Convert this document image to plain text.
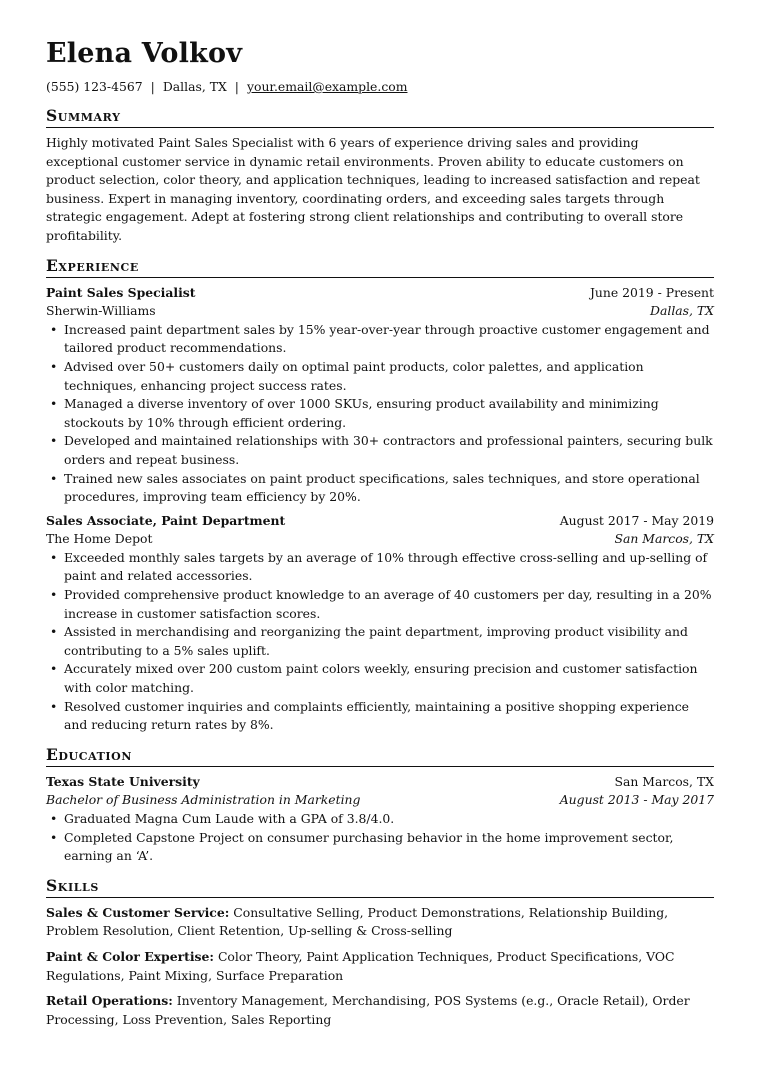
Elena Volkov
(555) 123-4567 | Dallas, TX | your.email@example.com
Summary

Highly motivated Paint Sales Specialist with 6 years of experience driving sales and providing exceptional customer service in dynamic retail environments. Proven ability to educate customers on product selection, color theory, and application techniques, leading to increased satisfaction and repeat business. Expert in managing inventory, coordinating orders, and exceeding sales targets through strategic engagement. Adept at fostering strong client relationships and contributing to overall store profitability.

Experience
Paint Sales Specialist	June 2019 - Present
Sherwin-Williams	Dallas, TX
• Increased paint department sales by 15% year-over-year through proactive customer engagement and tailored product recommendations.
• Advised over 50+ customers daily on optimal paint products, color palettes, and application techniques, enhancing project success rates.
• Managed a diverse inventory of over 1000 SKUs, ensuring product availability and minimizing stockouts by 10% through efficient ordering.
• Developed and maintained relationships with 30+ contractors and professional painters, securing bulk orders and repeat business.
• Trained new sales associates on paint product specifications, sales techniques, and store operational procedures, improving team efficiency by 20%.
Sales Associate, Paint Department	August 2017 - May 2019
The Home Depot	San Marcos, TX
• Exceeded monthly sales targets by an average of 10% through effective cross-selling and up-selling of paint and related accessories.
• Provided comprehensive product knowledge to an average of 40 customers per day, resulting in a 20% increase in customer satisfaction scores.
• Assisted in merchandising and reorganizing the paint department, improving product visibility and contributing to a 5% sales uplift.
• Accurately mixed over 200 custom paint colors weekly, ensuring precision and customer satisfaction with color matching.
• Resolved customer inquiries and complaints efficiently, maintaining a positive shopping experience and reducing return rates by 8%.
Education
Texas State University	San Marcos, TX
Bachelor of Business Administration in Marketing	August 2013 - May 2017
• Graduated Magna Cum Laude with a GPA of 3.8/4.0.
• Completed Capstone Project on consumer purchasing behavior in the home improvement sector, earning an ‘A’.
Skills
Sales & Customer Service: Consultative Selling, Product Demonstrations, Relationship Building, Problem Resolution, Client Retention, Up-selling & Cross-selling
Paint & Color Expertise: Color Theory, Paint Application Techniques, Product Specifications, VOC Regulations, Paint Mixing, Surface Preparation
Retail Operations: Inventory Management, Merchandising, POS Systems (e.g., Oracle Retail), Order Processing, Loss Prevention, Sales Reporting
